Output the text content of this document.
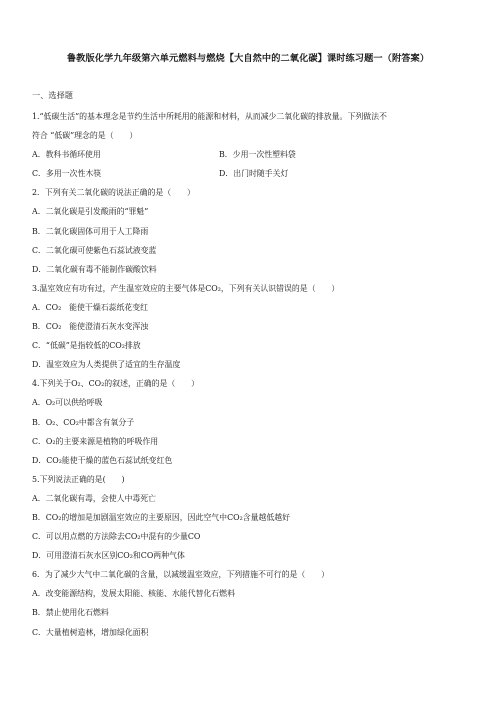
鲁教版化学九年级第六单元燃料与燃烧【大自然中的二氧化碳】课时练习题一（附答案）
一、选择题
1.“低碳生活”的基本理念是节约生活中所耗用的能源和材料，从而减少二氧化碳的排放量。下列做法不
符合 “低碳”理念的是（　　）
A．教科书循环使用	B．少用一次性塑料袋
C．多用一次性木筷	D．出门时随手关灯
2．下列有关二氧化碳的说法正确的是（　　）
A．二氧化碳是引发酸雨的“罪魁”
B．二氧化碳固体可用于人工降雨
C．二氧化碳可使紫色石蕊试液变蓝
D．二氧化碳有毒不能制作碳酸饮料
3.温室效应有功有过，产生温室效应的主要气体是CO₂，下列有关认识错误的是（　　）
A．CO₂　能使干燥石蕊纸花变红
B．CO₂　能使澄清石灰水变浑浊
C．“低碳”是指较低的CO₂排放
D．温室效应为人类提供了适宜的生存温度
4.下列关于O₂、CO₂的叙述，正确的是（　　）
A．O₂可以供给呼吸
B．O₂、CO₂中都含有氧分子
C．O₂的主要来源是植物的呼吸作用
D．CO₂能使干燥的蓝色石蕊试纸变红色
5.下列说法正确的是(　　)
A．二氧化碳有毒，会使人中毒死亡
B．CO₂的增加是加剧温室效应的主要原因，因此空气中CO₂含量越低越好
C．可以用点燃的方法除去CO₂中混有的少量CO
D．可用澄清石灰水区别CO₂和CO两种气体
6．为了减少大气中二氧化碳的含量，以减缓温室效应，下列措施不可行的是（　　）
A．改变能源结构，发展太阳能、核能、水能代替化石燃料
B．禁止使用化石燃料
C．大量植树造林，增加绿化面积
